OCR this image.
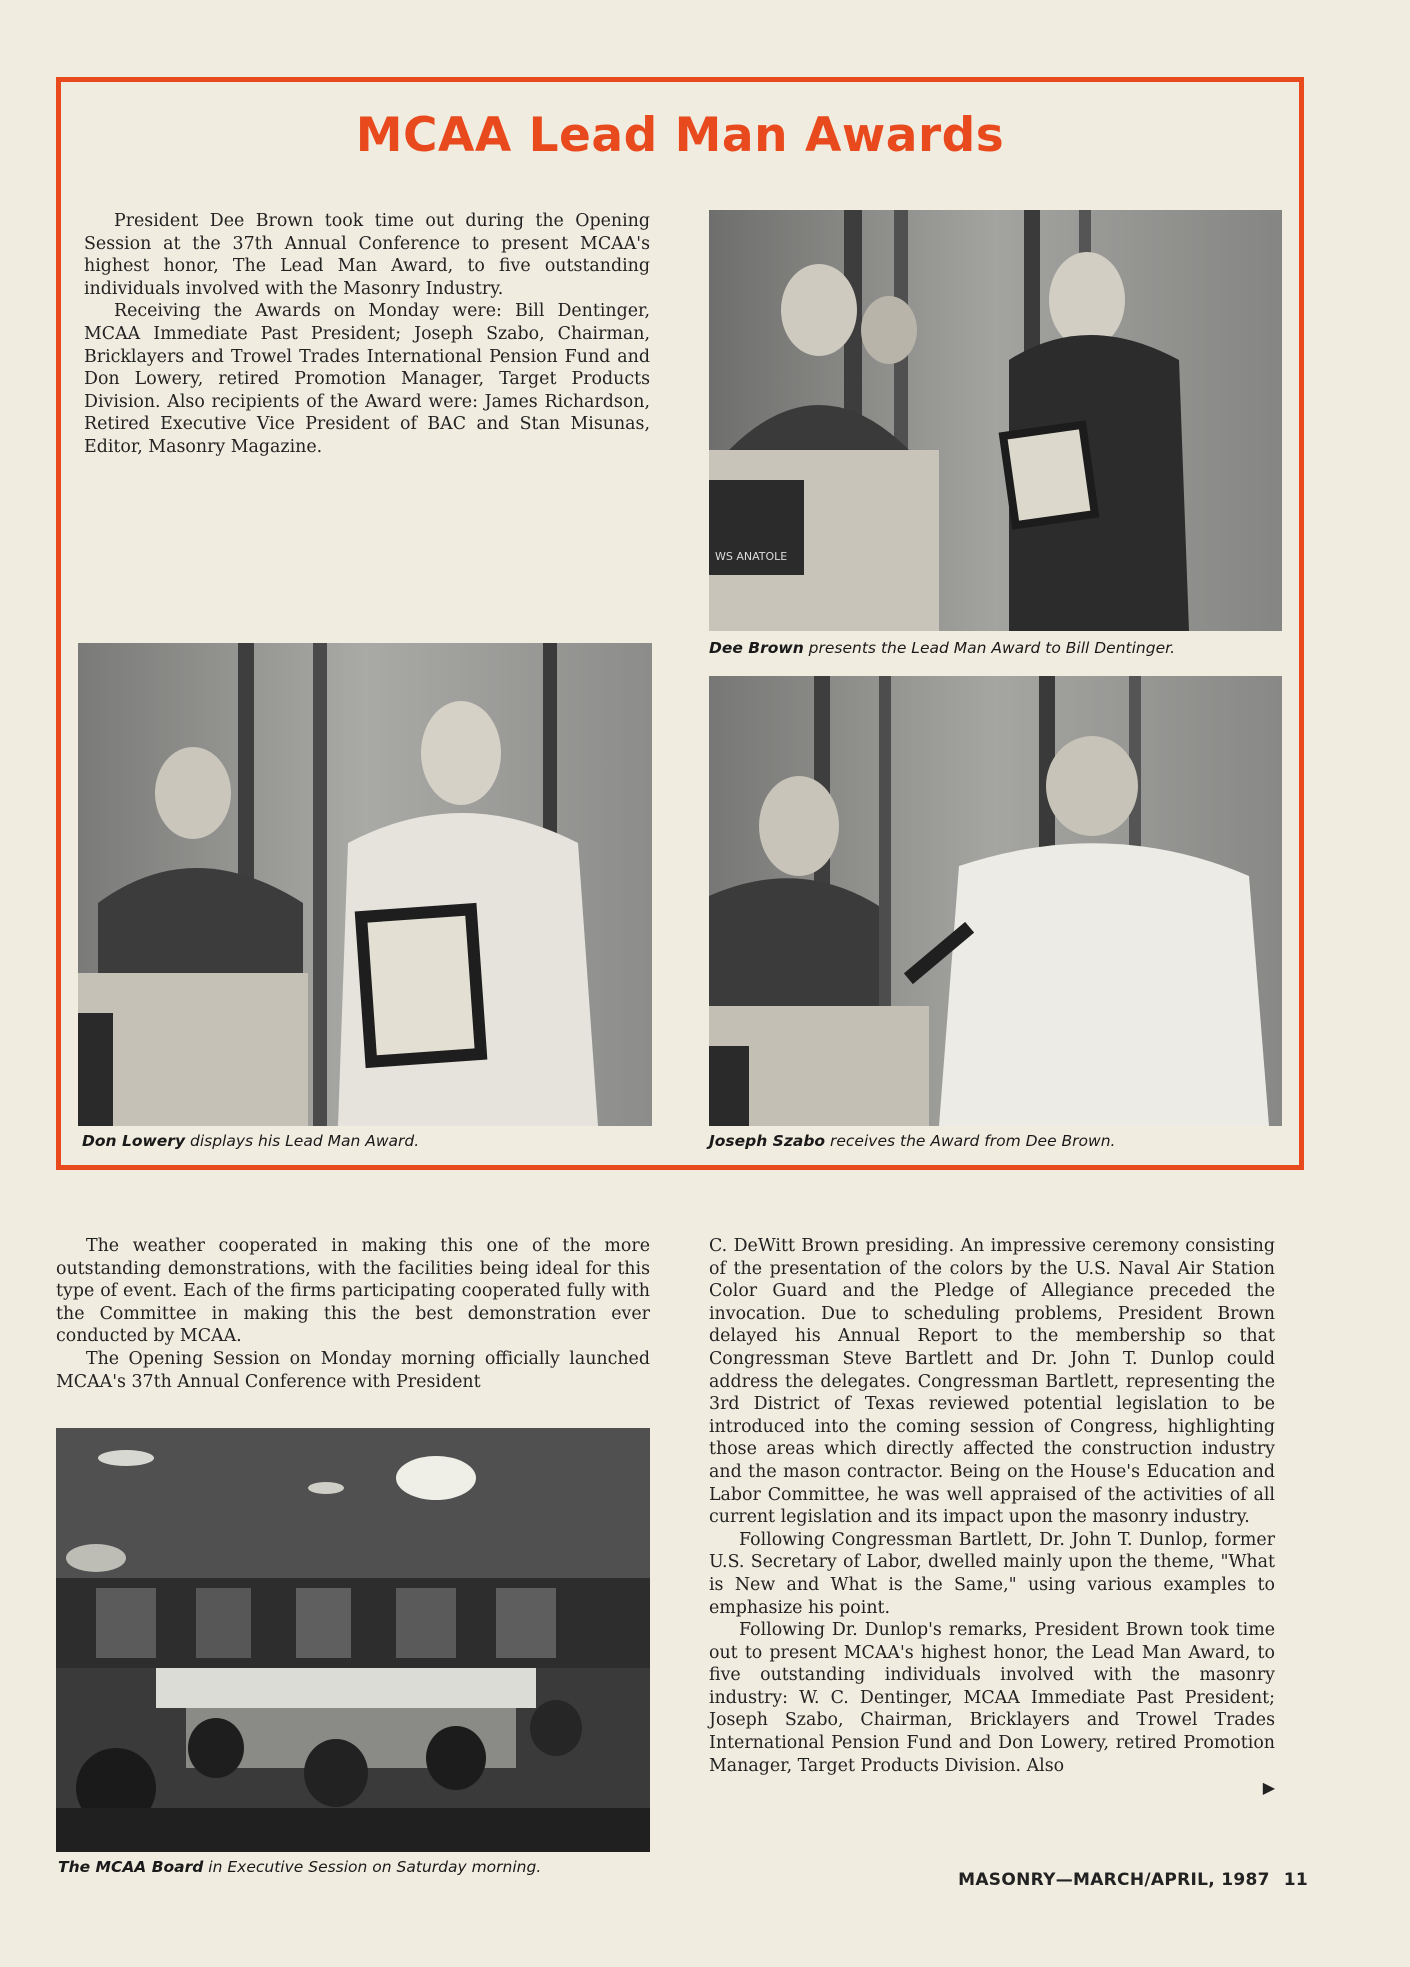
MCAA Lead Man Awards

President Dee Brown took time out during the Opening Session at the 37th Annual Conference to present MCAA's highest honor, The Lead Man Award, to five outstanding individuals involved with the Masonry Industry.

Receiving the Awards on Monday were: Bill Dentinger, MCAA Immediate Past President; Joseph Szabo, Chairman, Bricklayers and Trowel Trades International Pension Fund and Don Lowery, retired Promotion Manager, Target Products Division. Also recipients of the Award were: James Richardson, Retired Executive Vice President of BAC and Stan Misunas, Editor, Masonry Magazine.

WS ANATOLE
Dee Brown presents the Lead Man Award to Bill Dentinger.
Don Lowery displays his Lead Man Award.	Joseph Szabo receives the Award from Dee Brown.

The weather cooperated in making this one of the more outstanding demonstrations, with the facilities being ideal for this type of event. Each of the firms participating cooperated fully with the Committee in making this the best demonstration ever conducted by MCAA.

The Opening Session on Monday morning officially launched MCAA's 37th Annual Conference with President

The MCAA Board in Executive Session on Saturday morning.

C. DeWitt Brown presiding. An impressive ceremony consisting of the presentation of the colors by the U.S. Naval Air Station Color Guard and the Pledge of Allegiance preceded the invocation. Due to scheduling problems, President Brown delayed his Annual Report to the membership so that Congressman Steve Bartlett and Dr. John T. Dunlop could address the delegates. Congressman Bartlett, representing the 3rd District of Texas reviewed potential legislation to be introduced into the coming session of Congress, highlighting those areas which directly affected the construction industry and the mason contractor. Being on the House's Education and Labor Committee, he was well appraised of the activities of all current legislation and its impact upon the masonry industry.

Following Congressman Bartlett, Dr. John T. Dunlop, former U.S. Secretary of Labor, dwelled mainly upon the theme, "What is New and What is the Same," using various examples to emphasize his point.

Following Dr. Dunlop's remarks, President Brown took time out to present MCAA's highest honor, the Lead Man Award, to five outstanding individuals involved with the masonry industry: W. C. Dentinger, MCAA Immediate Past President; Joseph Szabo, Chairman, Bricklayers and Trowel Trades International Pension Fund and Don Lowery, retired Promotion Manager, Target Products Division. Also

▶
MASONRY—MARCH/APRIL, 1987 11
